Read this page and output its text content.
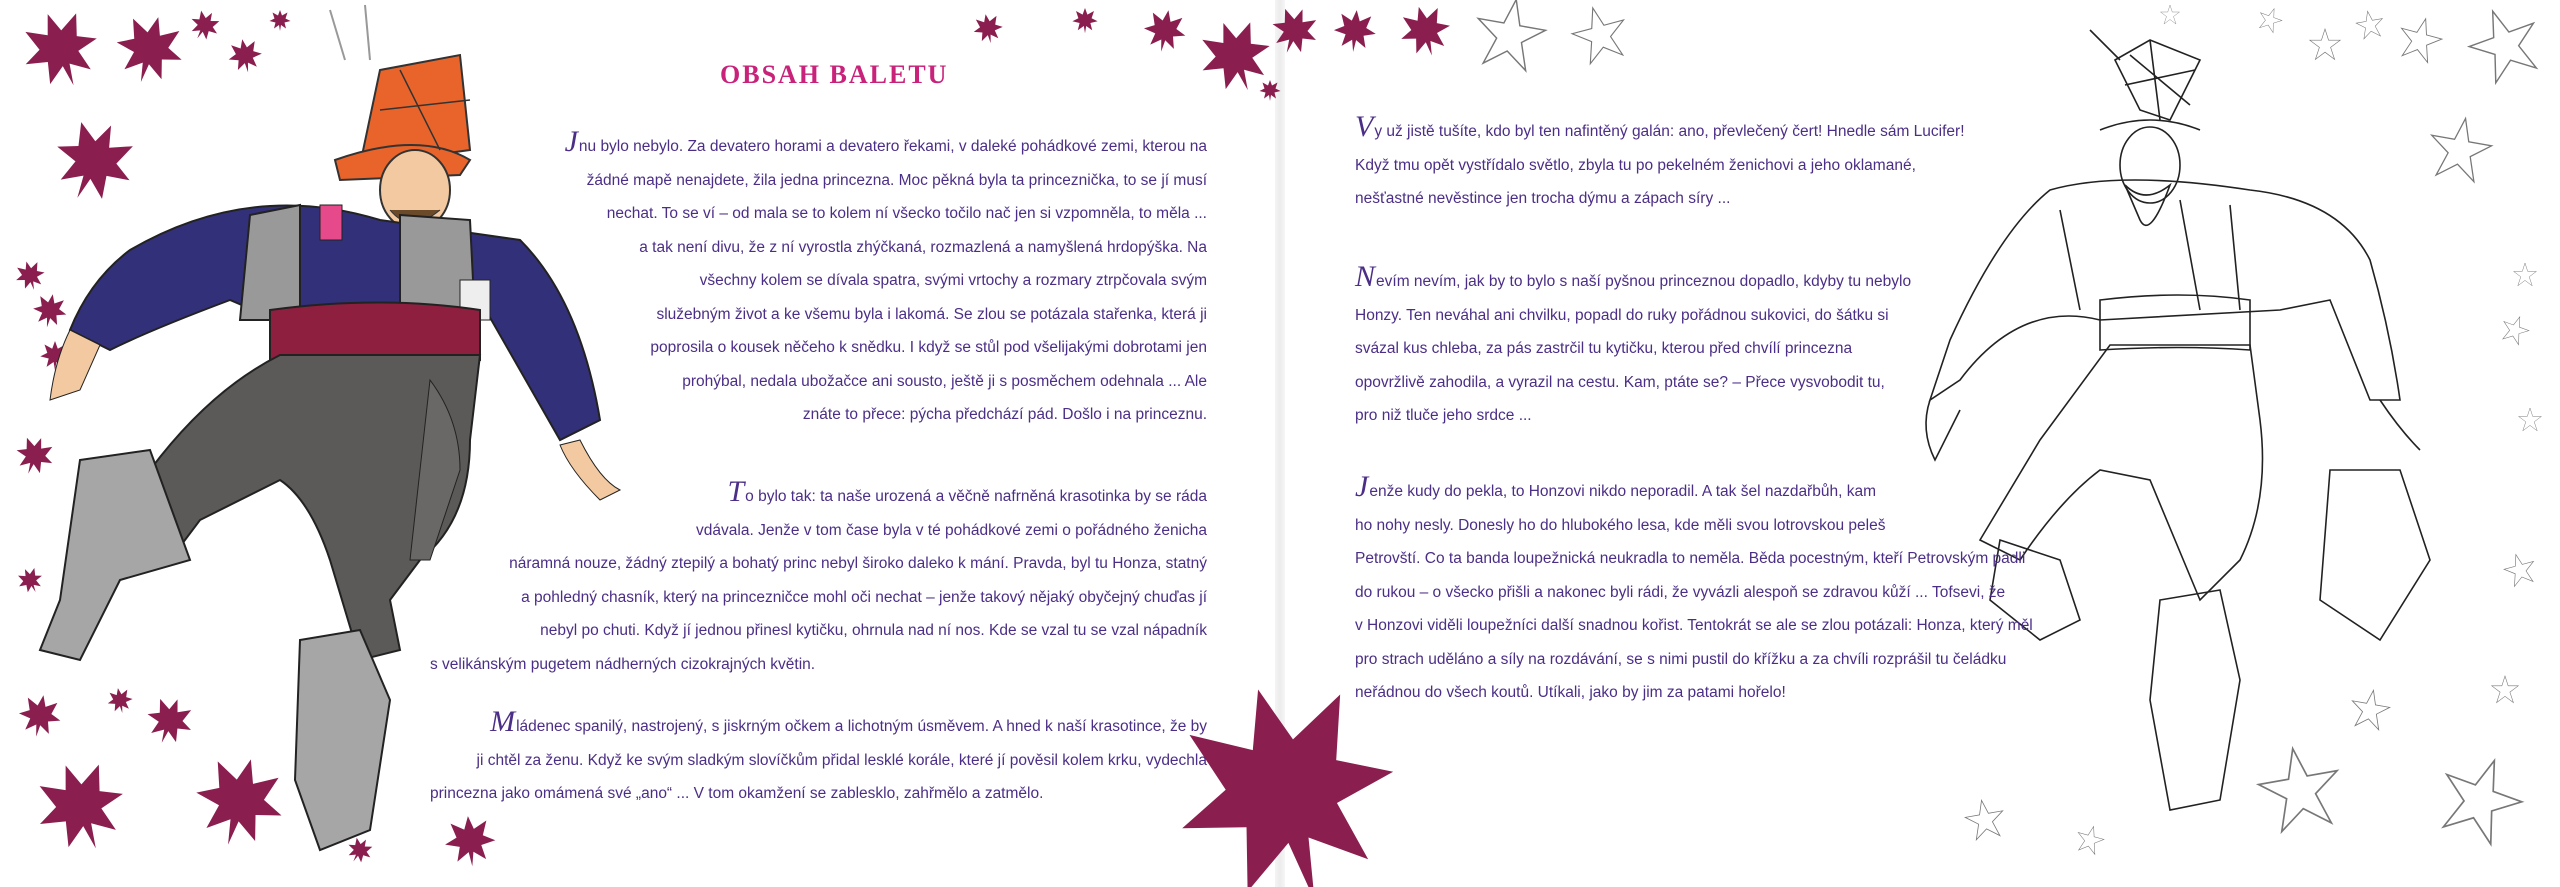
OBSAH BALETU
Jnu bylo nebylo. Za devatero horami a devatero řekami, v daleké pohádkové zemi, kterou na
žádné mapě nenajdete, žila jedna princezna. Moc pěkná byla ta princeznička, to se jí musí
nechat. To se ví – od mala se to kolem ní všecko točilo nač jen si vzpomněla, to měla ...
a tak není divu, že z ní vyrostla zhýčkaná, rozmazlená a namyšlená hrdopýška. Na
všechny kolem se dívala spatra, svými vrtochy a rozmary ztrpčovala svým
služebným život a ke všemu byla i lakomá. Se zlou se potázala stařenka, která ji
poprosila o kousek něčeho k snědku. I když se stůl pod všelijakými dobrotami jen
prohýbal, nedala ubožačce ani sousto, ještě ji s posměchem odehnala ... Ale
znáte to přece: pýcha předchází pád. Došlo i na princeznu.
To bylo tak: ta naše urozená a věčně nafrněná krasotinka by se ráda
vdávala. Jenže v tom čase byla v té pohádkové zemi o pořádného ženicha
náramná nouze, žádný ztepilý a bohatý princ nebyl široko daleko k mání. Pravda, byl tu Honza, statný
a pohledný chasník, který na princezničce mohl oči nechat – jenže takový nějaký obyčejný chuďas jí
nebyl po chuti. Když jí jednou přinesl kytičku, ohrnula nad ní nos. Kde se vzal tu se vzal nápadník
s velikánským pugetem nádherných cizokrajných květin.
Mládenec spanilý, nastrojený, s jiskrným očkem a lichotným úsměvem. A hned k naší krasotince, že by
ji chtěl za ženu. Když ke svým sladkým slovíčkům přidal lesklé korále, které jí pověsil kolem krku, vydechla
princezna jako omámená své „ano“ ... V tom okamžení se zablesklo, zahřmělo a zatmělo.
Vy už jistě tušíte, kdo byl ten nafintěný galán: ano, převlečený čert! Hnedle sám Lucifer!
Když tmu opět vystřídalo světlo, zbyla tu po pekelném ženichovi a jeho oklamané,
nešťastné nevěstince jen trocha dýmu a zápach síry ...
Nevím nevím, jak by to bylo s naší pyšnou princeznou dopadlo, kdyby tu nebylo
Honzy. Ten neváhal ani chvilku, popadl do ruky pořádnou sukovici, do šátku si
svázal kus chleba, za pás zastrčil tu kytičku, kterou před chvílí princezna
opovržlivě zahodila, a vyrazil na cestu. Kam, ptáte se? – Přece vysvobodit tu,
pro niž tluče jeho srdce ...
Jenže kudy do pekla, to Honzovi nikdo neporadil. A tak šel nazdařbůh, kam
ho nohy nesly. Donesly ho do hlubokého lesa, kde měli svou lotrovskou peleš
Petrovští. Co ta banda loupežnická neukradla to neměla. Běda pocestným, kteří Petrovským padli
do rukou – o všecko přišli a nakonec byli rádi, že vyvázli alespoň se zdravou kůží ... Tofsevi, že
v Honzovi viděli loupežníci další snadnou kořist. Tentokrát se ale se zlou potázali: Honza, který měl
pro strach uděláno a síly na rozdávání, se s nimi pustil do křížku a za chvíli rozprášil tu čeládku
neřádnou do všech koutů. Utíkali, jako by jim za patami hořelo!
